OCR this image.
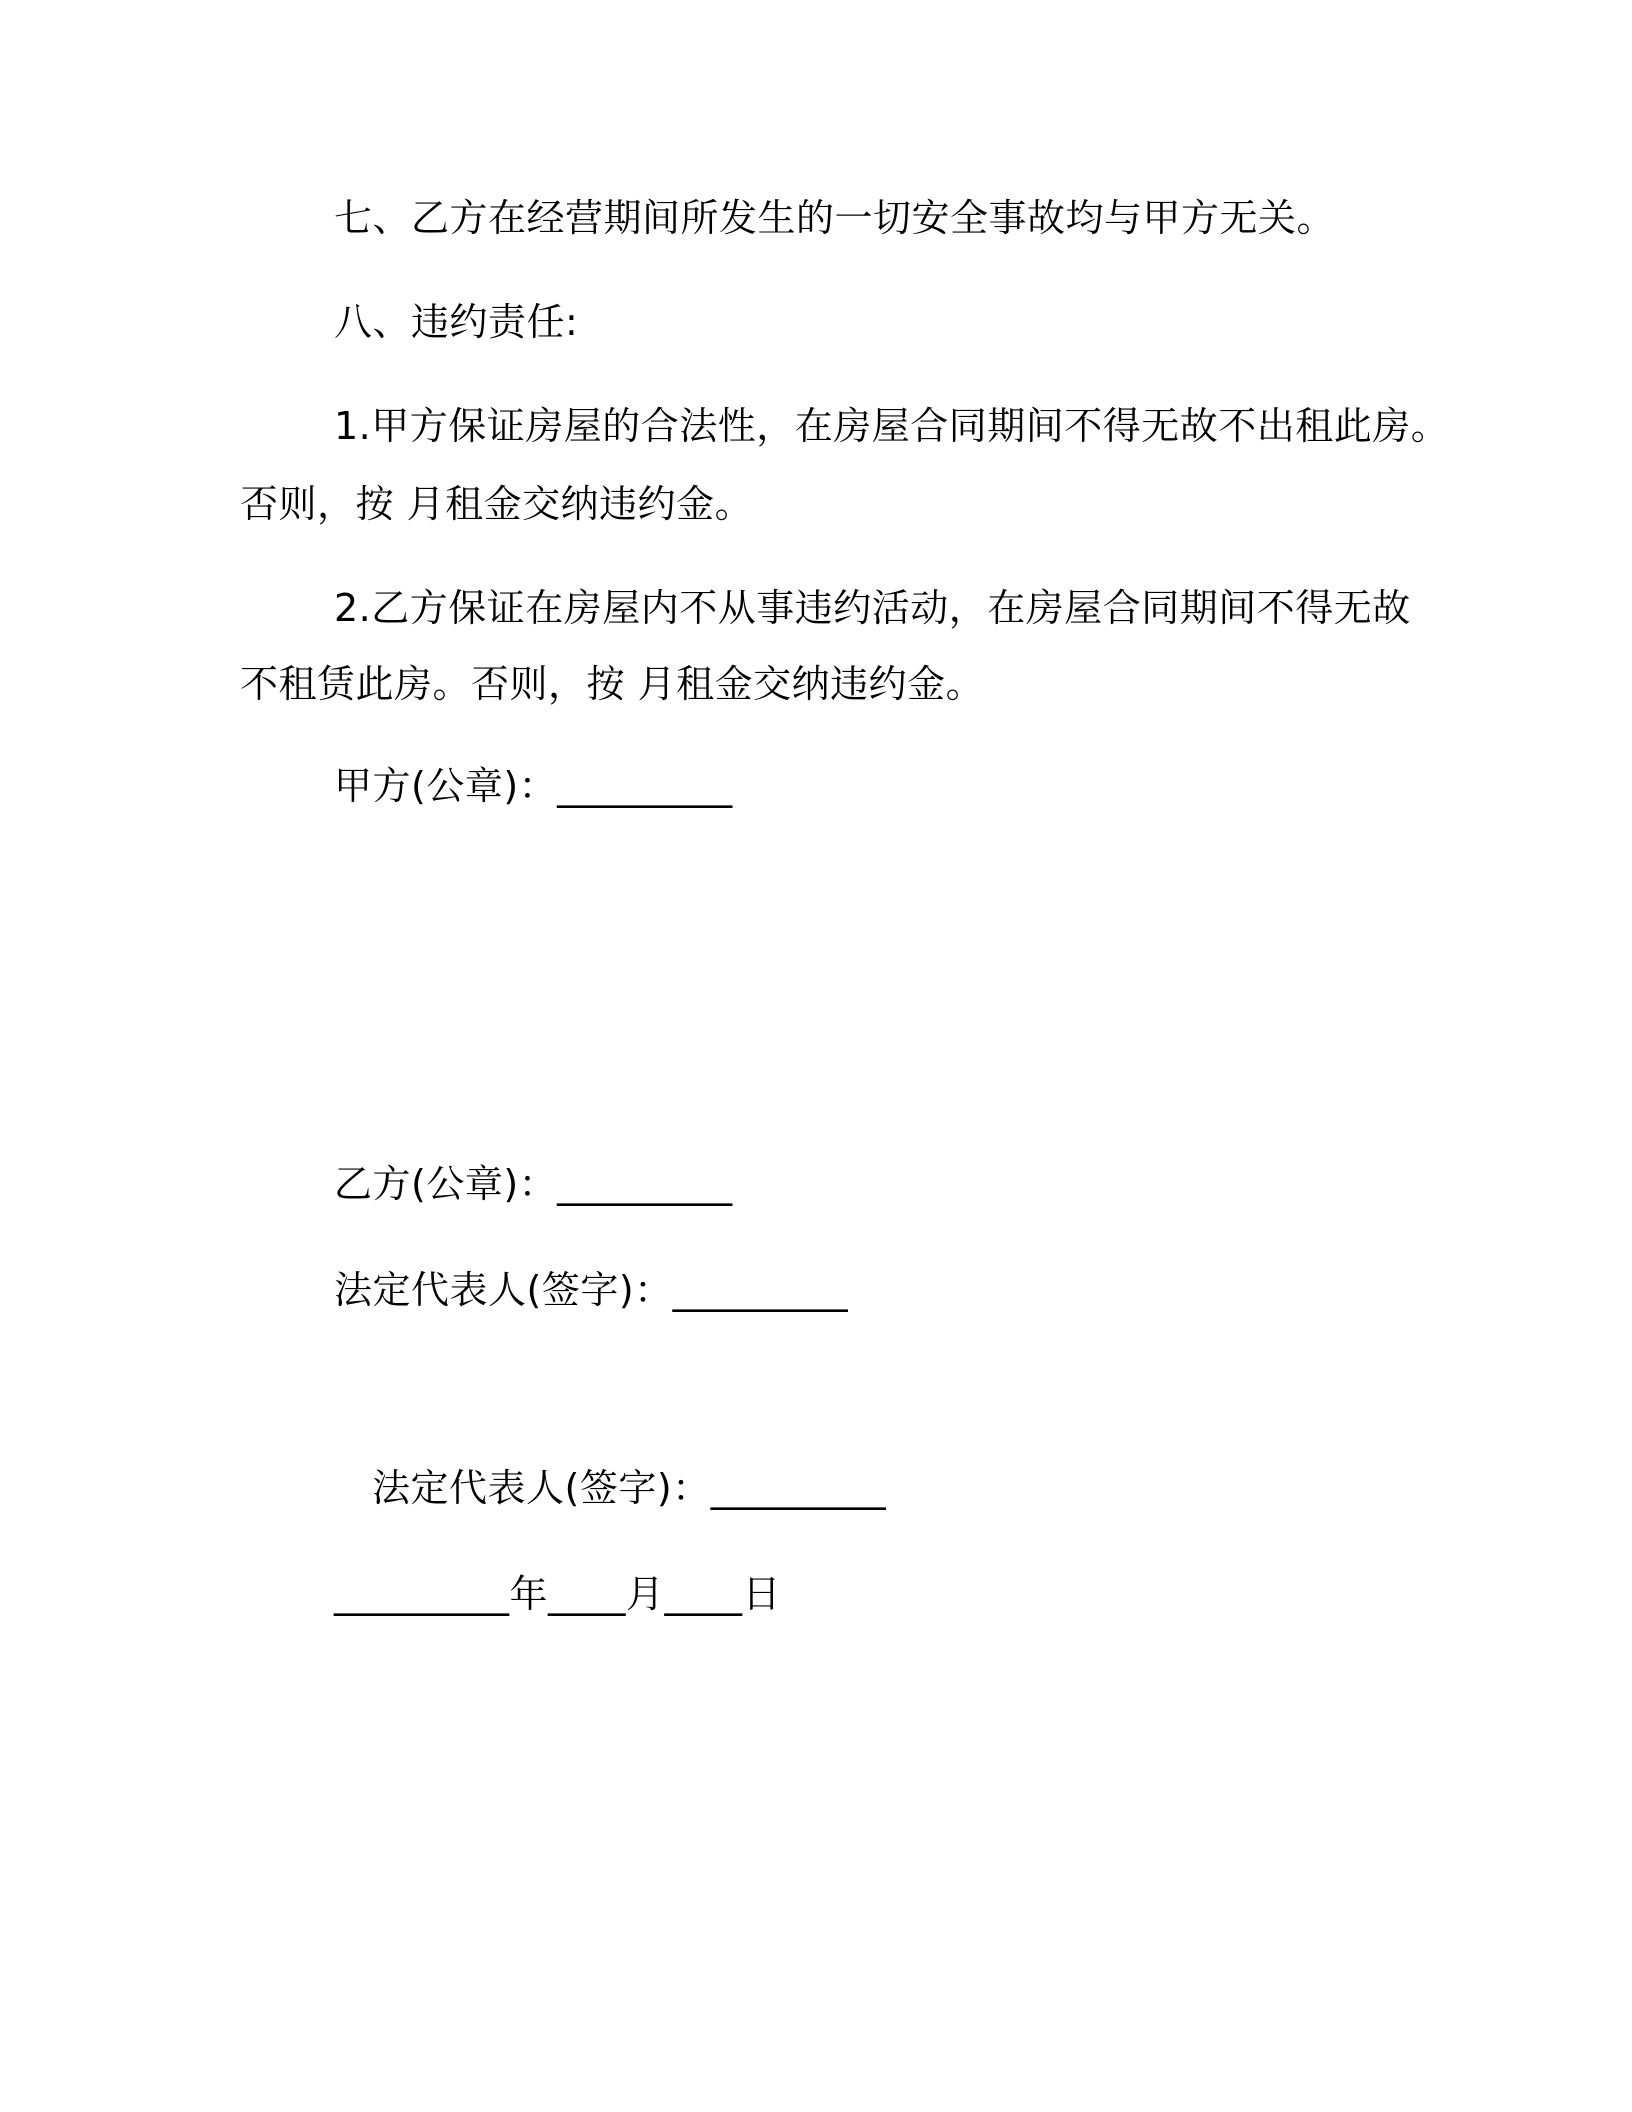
七、乙方在经营期间所发生的一切安全事故均与甲方无关。
八、违约责任:
1.甲方保证房屋的合法性，在房屋合同期间不得无故不出租此房。
否则，按 月租金交纳违约金。
2.乙方保证在房屋内不从事违约活动，在房屋合同期间不得无故
不租赁此房。否则，按 月租金交纳违约金。
甲方(公章)：_________
乙方(公章)：_________
法定代表人(签字)：_________
法定代表人(签字)：_________
_________年____月____日
